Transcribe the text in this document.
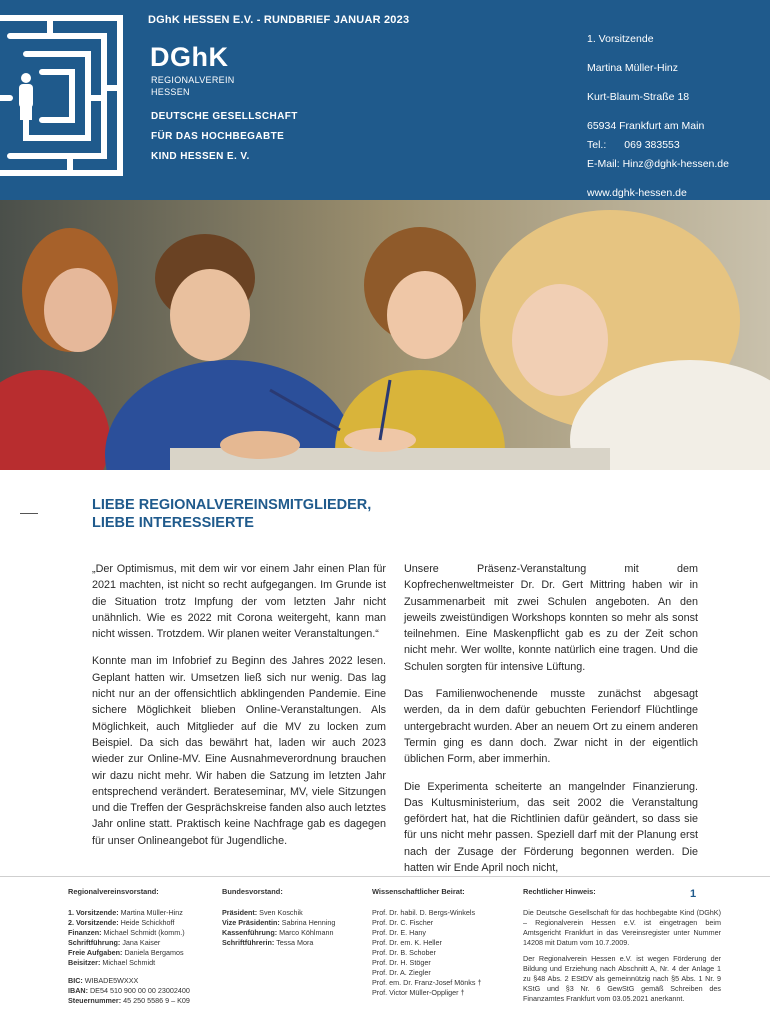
DGhK HESSEN E.V. - RUNDBRIEF JANUAR 2023
DGhK
REGIONALVEREIN
HESSEN
DEUTSCHE GESELLSCHAFT
FÜR DAS HOCHBEGABTE
KIND HESSEN E. V.
1. Vorsitzende
Martina Müller-Hinz
Kurt-Blaum-Straße 18
65934 Frankfurt am Main
Tel.: 069 383553
E-Mail: Hinz@dghk-hessen.de
www.dghk-hessen.de
LIEBE REGIONALVEREINSMITGLIEDER,
LIEBE INTERESSIERTE

„Der Optimismus, mit dem wir vor einem Jahr einen Plan für 2021 machten, ist nicht so recht aufgegangen. Im Grunde ist die Situation trotz Impfung der vom letzten Jahr nicht unähnlich. Wie es 2022 mit Corona weitergeht, kann man nicht wissen. Trotzdem. Wir planen weiter Veranstaltungen.“

Konnte man im Infobrief zu Beginn des Jahres 2022 lesen. Geplant hatten wir. Umsetzen ließ sich nur wenig. Das lag nicht nur an der offensichtlich abklingenden Pandemie. Eine sichere Möglichkeit blieben Online-Veranstaltungen. Als Möglichkeit, auch Mitglieder auf die MV zu locken zum Beispiel. Da sich das bewährt hat, laden wir auch 2023 wieder zur Online-MV. Eine Ausnahmeverordnung brauchen wir dazu nicht mehr. Wir haben die Satzung im letzten Jahr entsprechend verändert. Berateseminar, MV, viele Sitzungen und die Treffen der Gesprächskreise fanden also auch letztes Jahr online statt. Praktisch keine Nachfrage gab es dagegen für unser Onlineangebot für Jugendliche.

Unsere Präsenz-Veranstaltung mit dem Kopfrechenweltmeister Dr. Dr. Gert Mittring haben wir in Zusammenarbeit mit zwei Schulen angeboten. An den jeweils zweistündigen Workshops konnten so mehr als sonst teilnehmen. Eine Maskenpflicht gab es zu der Zeit schon nicht mehr. Wer wollte, konnte natürlich eine tragen. Und die Schulen sorgten für intensive Lüftung.

Das Familienwochenende musste zunächst abgesagt werden, da in dem dafür gebuchten Feriendorf Flüchtlinge untergebracht wurden. Aber an neuem Ort zu einem anderen Termin ging es dann doch. Zwar nicht in der eigentlich üblichen Form, aber immerhin.

Die Experimenta scheiterte an mangelnder Finanzierung. Das Kultusministerium, das seit 2002 die Veranstaltung gefördert hat, hat die Richtlinien dafür geändert, so dass sie für uns nicht mehr passen. Speziell darf mit der Planung erst nach der Zusage der Förderung begonnen werden. Die hatten wir Ende April noch nicht,

Regionalvereinsvorstand:
1. Vorsitzende: Martina Müller-Hinz
2. Vorsitzende: Heide Schickhoff
Finanzen: Michael Schmidt (komm.)
Schriftführung: Jana Kaiser
Freie Aufgaben: Daniela Bergamos
Beisitzer: Michael Schmidt
BIC: WIBADE5WXXX
IBAN: DE54 510 900 00 00 23002400
Steuernummer: 45 250 5586 9 – K09
Bundesvorstand:
Präsident: Sven Koschik
Vize Präsidentin: Sabrina Henning
Kassenführung: Marco Köhlmann
Schriftführerin: Tessa Mora
Wissenschaftlicher Beirat:
Prof. Dr. habil. D. Bergs-Winkels
Prof. Dr. C. Fischer
Prof. Dr. E. Hany
Prof. Dr. em. K. Heller
Prof. Dr. B. Schober
Prof. Dr. H. Stöger
Prof. Dr. A. Ziegler
Prof. em. Dr. Franz-Josef Mönks †
Prof. Victor Müller-Oppliger †
Rechtlicher Hinweis:

Die Deutsche Gesellschaft für das hochbegabte Kind (DGhK) – Regionalverein Hessen e.V. ist eingetragen beim Amtsgericht Frankfurt in das Vereinsregister unter Nummer 14208 mit Datum vom 10.7.2009.

Der Regionalverein Hessen e.V. ist wegen Förderung der Bildung und Erziehung nach Abschnitt A, Nr. 4 der Anlage 1 zu §48 Abs. 2 EStDV als gemeinnützig nach §5 Abs. 1 Nr. 9 KStG und §3 Nr. 6 GewStG gemäß Schreiben des Finanzamtes Frankfurt vom 03.05.2021 anerkannt.

1
